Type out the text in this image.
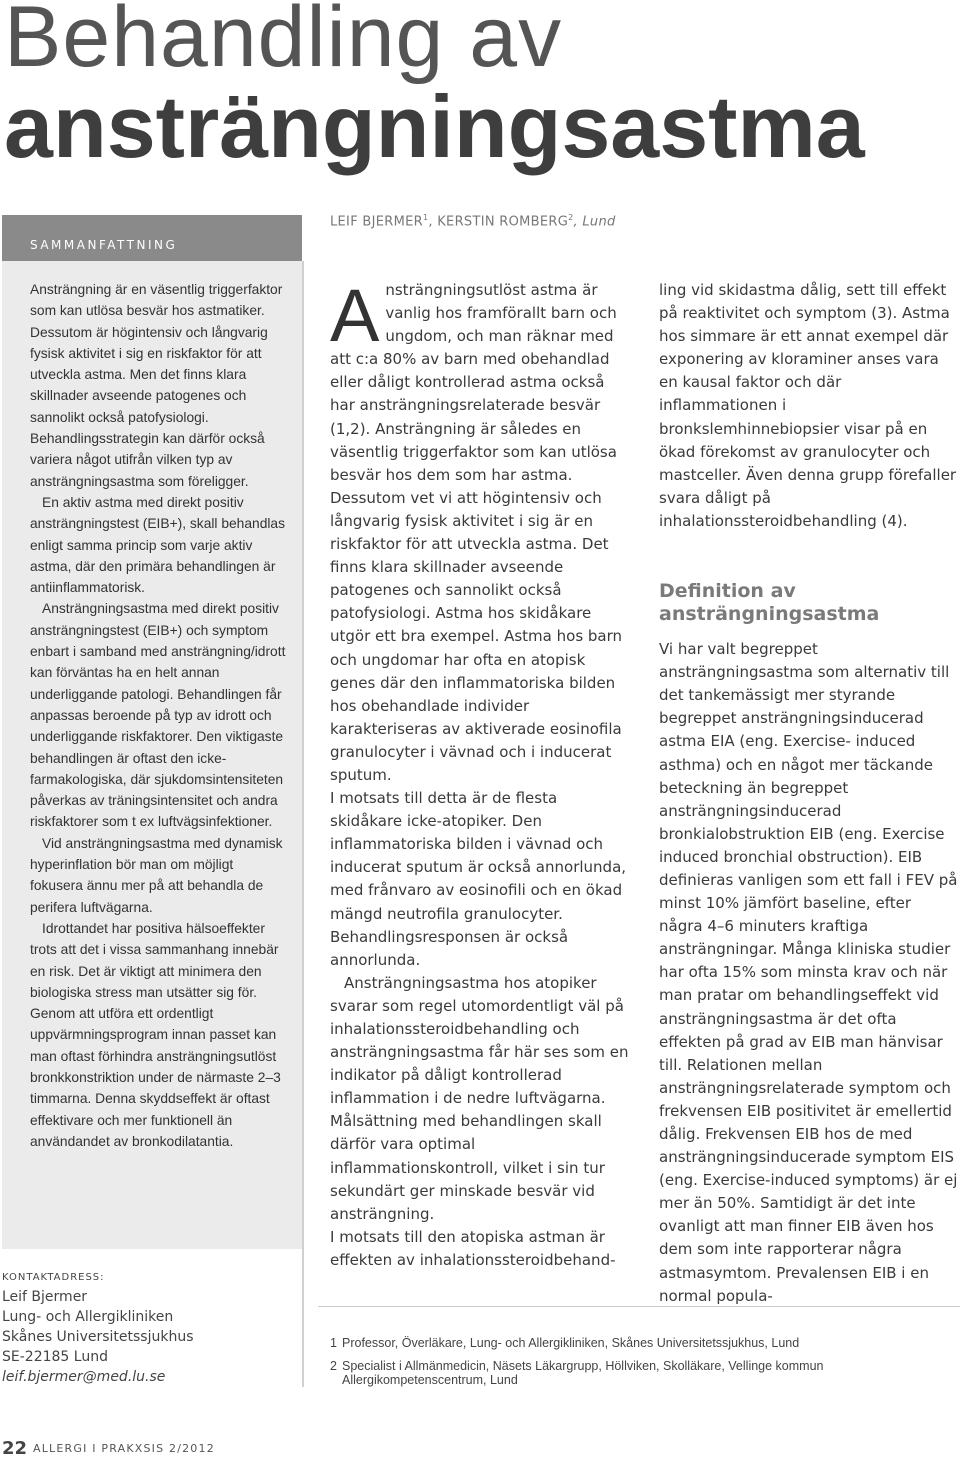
Behandling av
ansträngningsastma
LEIF BJERMER$^1$, KERSTIN ROMBERG$^2$, Lund
SAMMANFATTNING

Ansträngning är en väsentlig triggerfaktor som kan utlösa besvär hos astmatiker. Dessutom är högintensiv och långvarig fysisk aktivitet i sig en riskfaktor för att utveckla astma. Men det finns klara skillnader avseende patogenes och sannolikt också patofysiologi. Behandlingsstrategin kan därför också variera något utifrån vilken typ av ansträngningsastma som föreligger.

En aktiv astma med direkt positiv ansträngningstest (EIB+), skall behandlas enligt samma princip som varje aktiv astma, där den primära behandlingen är antiinflammatorisk.

Ansträngningsastma med direkt positiv ansträngningstest (EIB+) och symptom enbart i samband med ansträngning/idrott kan förväntas ha en helt annan underliggande patologi. Behandlingen får anpassas beroende på typ av idrott och underliggande riskfaktorer. Den viktigaste behandlingen är oftast den icke-farmakologiska, där sjukdomsintensiteten påverkas av träningsintensitet och andra riskfaktorer som t ex luftvägsinfektioner.

Vid ansträngningsastma med dynamisk hyperinflation bör man om möjligt fokusera ännu mer på att behandla de perifera luftvägarna.

Idrottandet har positiva hälsoeffekter trots att det i vissa sammanhang innebär en risk. Det är viktigt att minimera den biologiska stress man utsätter sig för. Genom att utföra ett ordentligt uppvärmningsprogram innan passet kan man oftast förhindra ansträngningsutlöst bronkkonstriktion under de närmaste 2–3 timmarna. Denna skyddseffekt är oftast effektivare och mer funktionell än användandet av bronkodilatantia.

Ansträngningsutlöst astma är vanlig hos framförallt barn och ungdom, och man räknar med att c:a 80% av barn med obehandlad eller dåligt kontrollerad astma också har ansträngningsrelaterade besvär (1,2). Ansträngning är således en väsentlig triggerfaktor som kan utlösa besvär hos dem som har astma. Dessutom vet vi att högintensiv och långvarig fysisk aktivitet i sig är en riskfaktor för att utveckla astma. Det finns klara skillnader avseende patogenes och sannolikt också patofysiologi. Astma hos skidåkare utgör ett bra exempel. Astma hos barn och ungdomar har ofta en atopisk genes där den inflammatoriska bilden hos obehandlade individer karakteriseras av aktiverade eosinofila granulocyter i vävnad och i inducerat sputum.

I motsats till detta är de flesta skidåkare icke-atopiker. Den inflammatoriska bilden i vävnad och inducerat sputum är också annorlunda, med frånvaro av eosinofili och en ökad mängd neutrofila granulocyter. Behandlingsresponsen är också annorlunda.

Ansträngningsastma hos atopiker svarar som regel utomordentligt väl på inhalationssteroidbehandling och ansträngningsastma får här ses som en indikator på dåligt kontrollerad inflammation i de nedre luftvägarna. Målsättning med behandlingen skall därför vara optimal inflammationskontroll, vilket i sin tur sekundärt ger minskade besvär vid ansträngning.

I motsats till den atopiska astman är effekten av inhalationssteroidbehand-

ling vid skidastma dålig, sett till effekt på reaktivitet och symptom (3). Astma hos simmare är ett annat exempel där exponering av kloraminer anses vara en kausal faktor och där inflammationen i bronkslemhinnebiopsier visar på en ökad förekomst av granulocyter och mastceller. Även denna grupp förefaller svara dåligt på inhalationssteroidbehandling (4).

Definition av ansträngningsastma

Vi har valt begreppet ansträngningsastma som alternativ till det tankemässigt mer styrande begreppet ansträngningsinducerad astma EIA (eng. Exercise- induced asthma) och en något mer täckande beteckning än begreppet ansträngningsinducerad bronkialobstruktion EIB (eng. Exercise induced bronchial obstruction). EIB definieras vanligen som ett fall i FEV på minst 10% jämfört baseline, efter några 4–6 minuters kraftiga ansträngningar. Många kliniska studier har ofta 15% som minsta krav och när man pratar om behandlingseffekt vid ansträngningsastma är det ofta effekten på grad av EIB man hänvisar till. Relationen mellan ansträngningsrelaterade symptom och frekvensen EIB positivitet är emellertid dålig. Frekvensen EIB hos de med ansträngningsinducerade symptom EIS (eng. Exercise-induced symptoms) är ej mer än 50%. Samtidigt är det inte ovanligt att man finner EIB även hos dem som inte rapporterar några astmasymtom. Prevalensen EIB i en normal popula-

KONTAKTADRESS:
Leif Bjermer
Lung- och Allergikliniken
Skånes Universitetssjukhus
SE-22185 Lund
leif.bjermer@med.lu.se
1 Professor, Överläkare, Lung- och Allergikliniken, Skånes Universitetssjukhus, Lund
2 Specialist i Allmänmedicin, Näsets Läkargrupp, Höllviken, Skolläkare, Vellinge kommun Allergikompetenscentrum, Lund
22 ALLERGI I PRAKXSIS 2/2012
